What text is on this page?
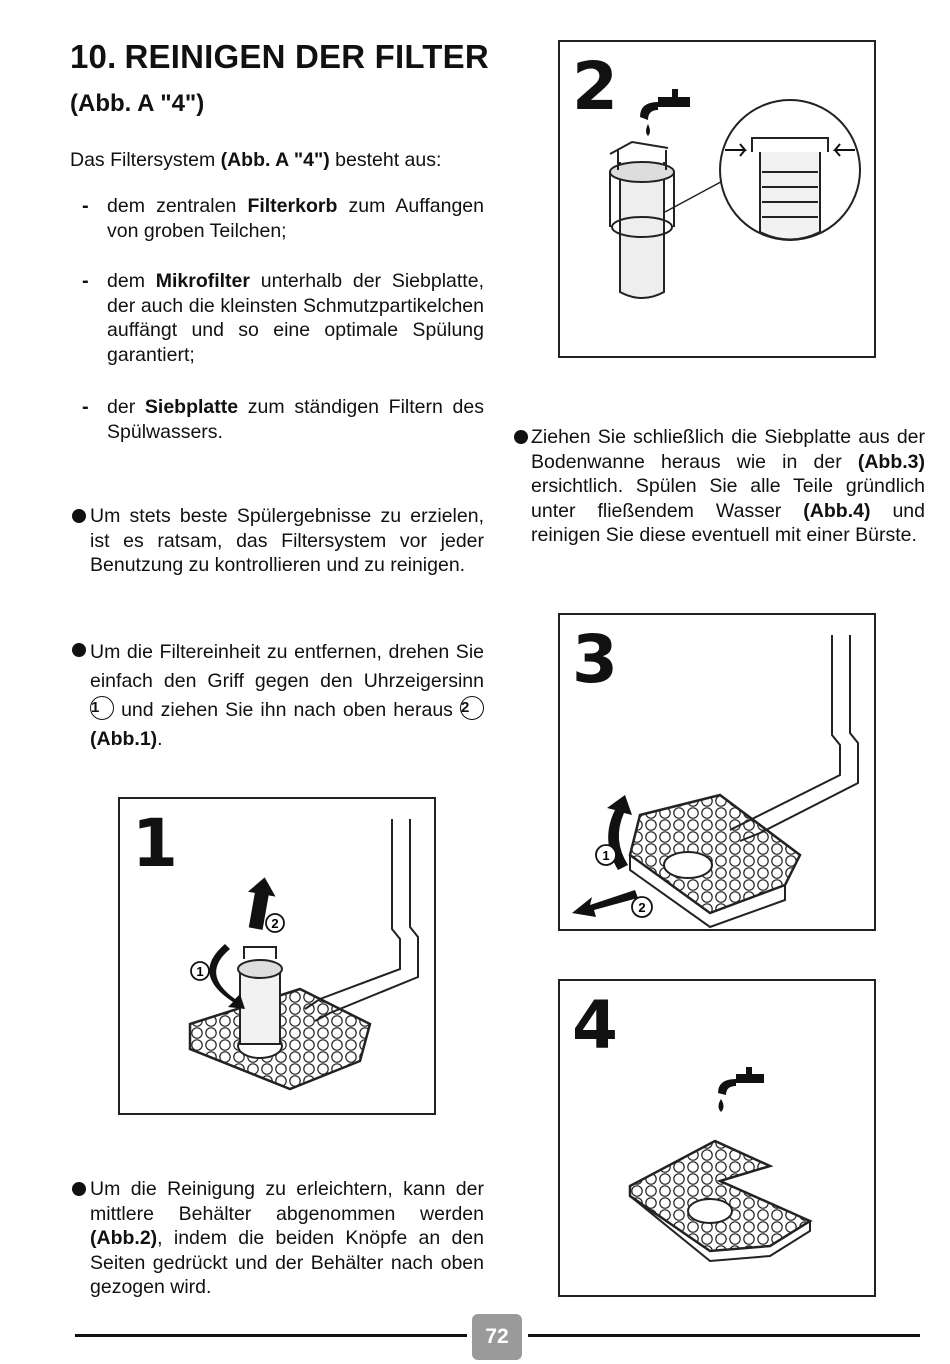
10. REINIGEN DER FILTER
(Abb. A "4")
Das Filtersystem (Abb. A "4") besteht aus:
- dem zentralen Filterkorb zum Auffangen von groben Teilchen;
- dem Mikrofilter unterhalb der Siebplatte, der auch die kleinsten Schmutzpartikelchen auffängt und so eine optimale Spülung garantiert;
- der Siebplatte zum ständigen Filtern des Spülwassers.
Um stets beste Spülergebnisse zu erzielen, ist es ratsam, das Filtersystem vor jeder Benutzung zu kontrollieren und zu reinigen.
Um die Filtereinheit zu entfernen, drehen Sie einfach den Griff gegen den Uhrzeigersinn 1 und ziehen Sie ihn nach oben heraus 2 (Abb.1).
1
2
1
Um die Reinigung zu erleichtern, kann der mittlere Behälter abgenommen werden (Abb.2), indem die beiden Knöpfe an den Seiten gedrückt und der Behälter nach oben gezogen wird.
2
Ziehen Sie schließlich die Siebplatte aus der Bodenwanne heraus wie in der (Abb.3) ersichtlich. Spülen Sie alle Teile gründlich unter fließendem Wasser (Abb.4) und reinigen Sie diese eventuell mit einer Bürste.
3
1
2
4
72
